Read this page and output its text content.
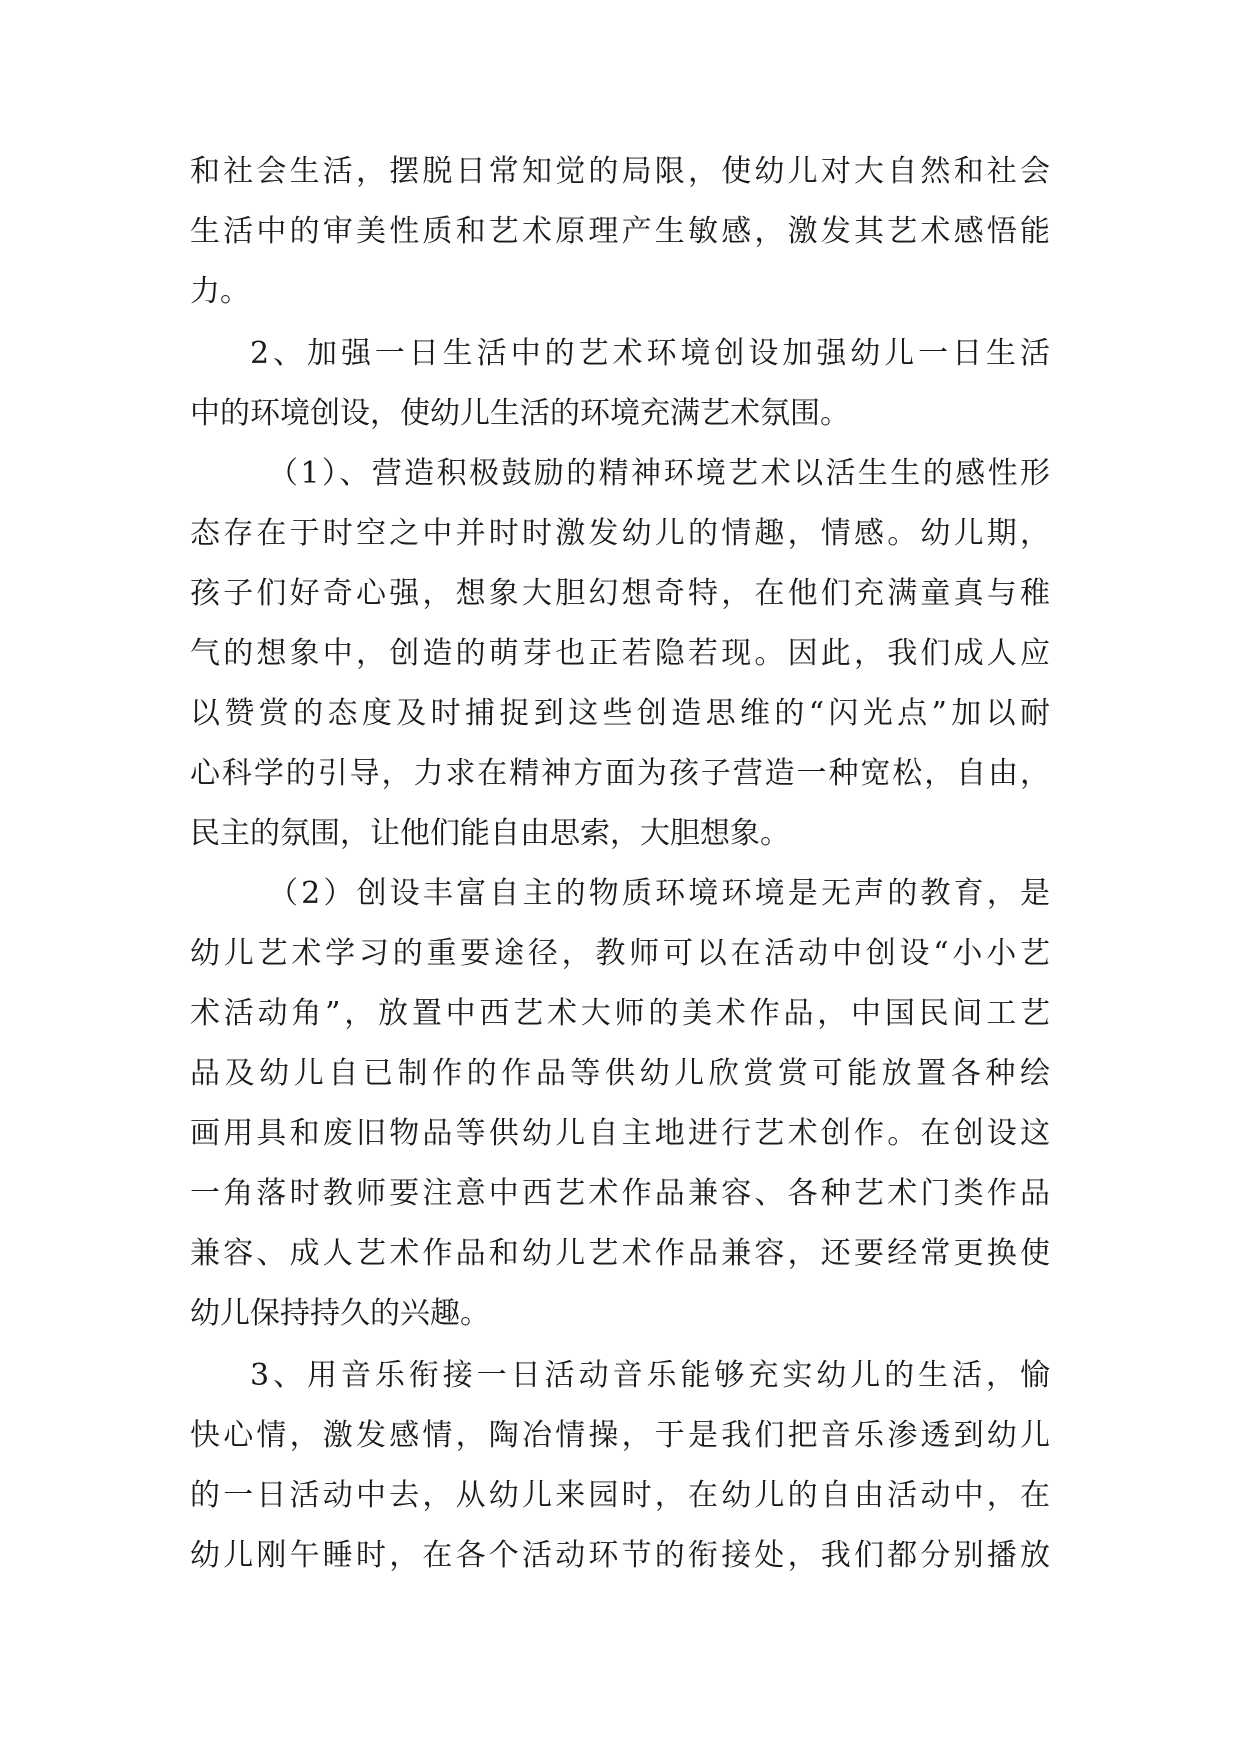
和社会生活，摆脱日常知觉的局限，使幼儿对大自然和社会

生活中的审美性质和艺术原理产生敏感，激发其艺术感悟能

力。

2、加强一日生活中的艺术环境创设加强幼儿一日生活

中的环境创设，使幼儿生活的环境充满艺术氛围。

（1）、营造积极鼓励的精神环境艺术以活生生的感性形

态存在于时空之中并时时激发幼儿的情趣，情感。幼儿期，

孩子们好奇心强，想象大胆幻想奇特，在他们充满童真与稚

气的想象中，创造的萌芽也正若隐若现。因此，我们成人应

以赞赏的态度及时捕捉到这些创造思维的“闪光点”加以耐

心科学的引导，力求在精神方面为孩子营造一种宽松，自由，

民主的氛围，让他们能自由思索，大胆想象。

（2）创设丰富自主的物质环境环境是无声的教育，是

幼儿艺术学习的重要途径，教师可以在活动中创设“小小艺

术活动角”，放置中西艺术大师的美术作品，中国民间工艺

品及幼儿自已制作的作品等供幼儿欣赏赏可能放置各种绘

画用具和废旧物品等供幼儿自主地进行艺术创作。在创设这

一角落时教师要注意中西艺术作品兼容、各种艺术门类作品

兼容、成人艺术作品和幼儿艺术作品兼容，还要经常更换使

幼儿保持持久的兴趣。

3、用音乐衔接一日活动音乐能够充实幼儿的生活，愉

快心情，激发感情，陶冶情操，于是我们把音乐渗透到幼儿

的一日活动中去，从幼儿来园时，在幼儿的自由活动中，在

幼儿刚午睡时，在各个活动环节的衔接处，我们都分别播放
